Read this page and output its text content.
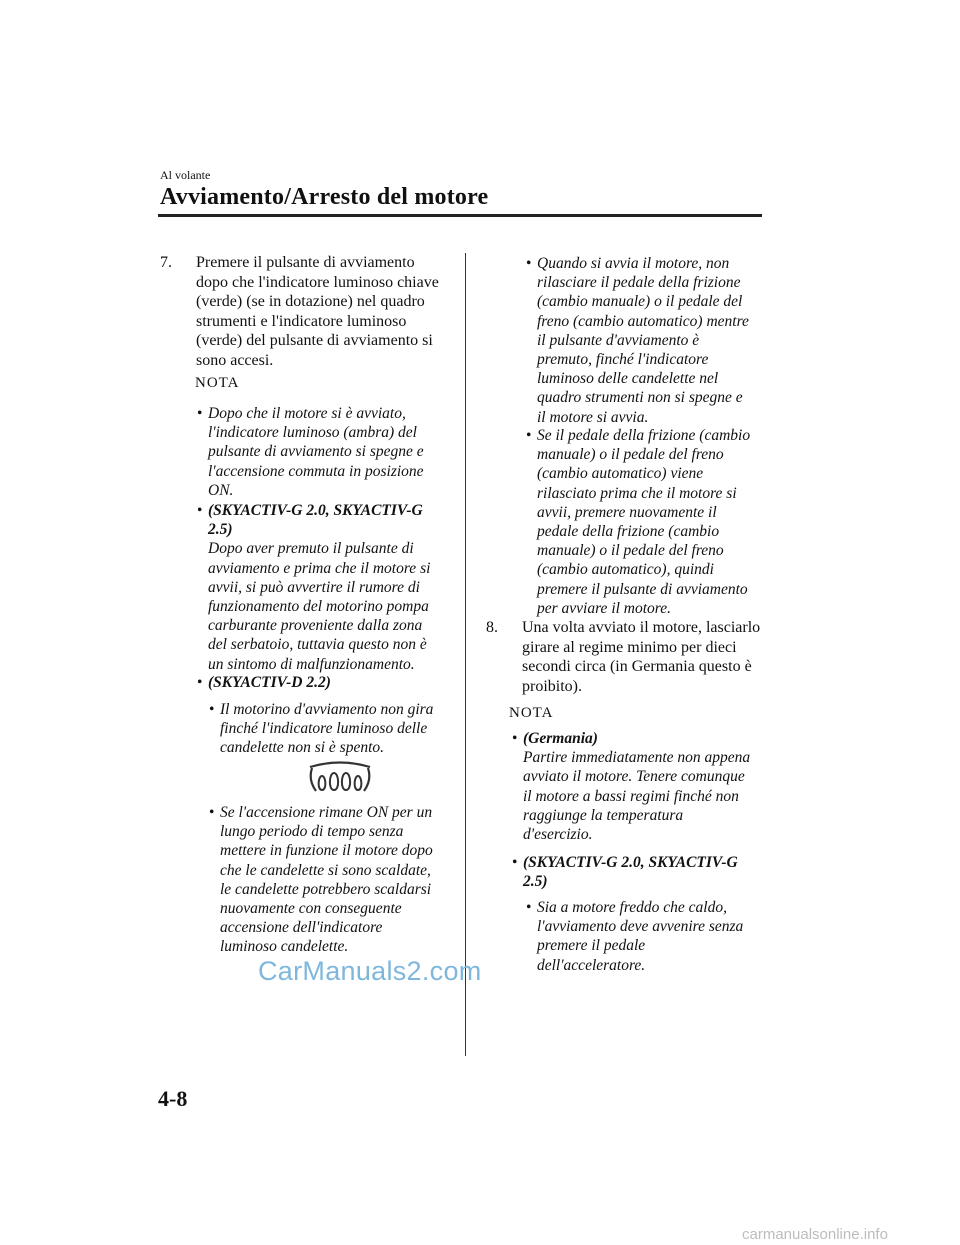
Al volante
Avviamento/Arresto del motore
7. Premere il pulsante di avviamento
dopo che l'indicatore luminoso chiave
(verde) (se in dotazione) nel quadro
strumenti e l'indicatore luminoso
(verde) del pulsante di avviamento si
sono accesi.
NOTA
• Dopo che il motore si è avviato,

l'indicatore luminoso (ambra) del

pulsante di avviamento si spegne e

l'accensione commuta in posizione

ON.

• (SKYACTIV-G 2.0, SKYACTIV-G

2.5)

Dopo aver premuto il pulsante di

avviamento e prima che il motore si

avvii, si può avvertire il rumore di

funzionamento del motorino pompa

carburante proveniente dalla zona

del serbatoio, tuttavia questo non è

un sintomo di malfunzionamento.

• (SKYACTIV-D 2.2)

• Il motorino d'avviamento non gira

finché l'indicatore luminoso delle

candelette non si è spento.

• Se l'accensione rimane ON per un

lungo periodo di tempo senza

mettere in funzione il motore dopo

che le candelette si sono scaldate,

le candelette potrebbero scaldarsi

nuovamente con conseguente

accensione dell'indicatore

luminoso candelette.

CarManuals2.com
• Quando si avvia il motore, non

rilasciare il pedale della frizione

(cambio manuale) o il pedale del

freno (cambio automatico) mentre

il pulsante d'avviamento è

premuto, finché l'indicatore

luminoso delle candelette nel

quadro strumenti non si spegne e

il motore si avvia.

• Se il pedale della frizione (cambio

manuale) o il pedale del freno

(cambio automatico) viene

rilasciato prima che il motore si

avvii, premere nuovamente il

pedale della frizione (cambio

manuale) o il pedale del freno

(cambio automatico), quindi

premere il pulsante di avviamento

per avviare il motore.

8. Una volta avviato il motore, lasciarlo
girare al regime minimo per dieci
secondi circa (in Germania questo è
proibito).
NOTA
• (Germania)

Partire immediatamente non appena

avviato il motore. Tenere comunque

il motore a bassi regimi finché non

raggiunge la temperatura

d'esercizio.

• (SKYACTIV-G 2.0, SKYACTIV-G

2.5)

• Sia a motore freddo che caldo,

l'avviamento deve avvenire senza

premere il pedale

dell'acceleratore.

4-8
carmanualsonline.info
